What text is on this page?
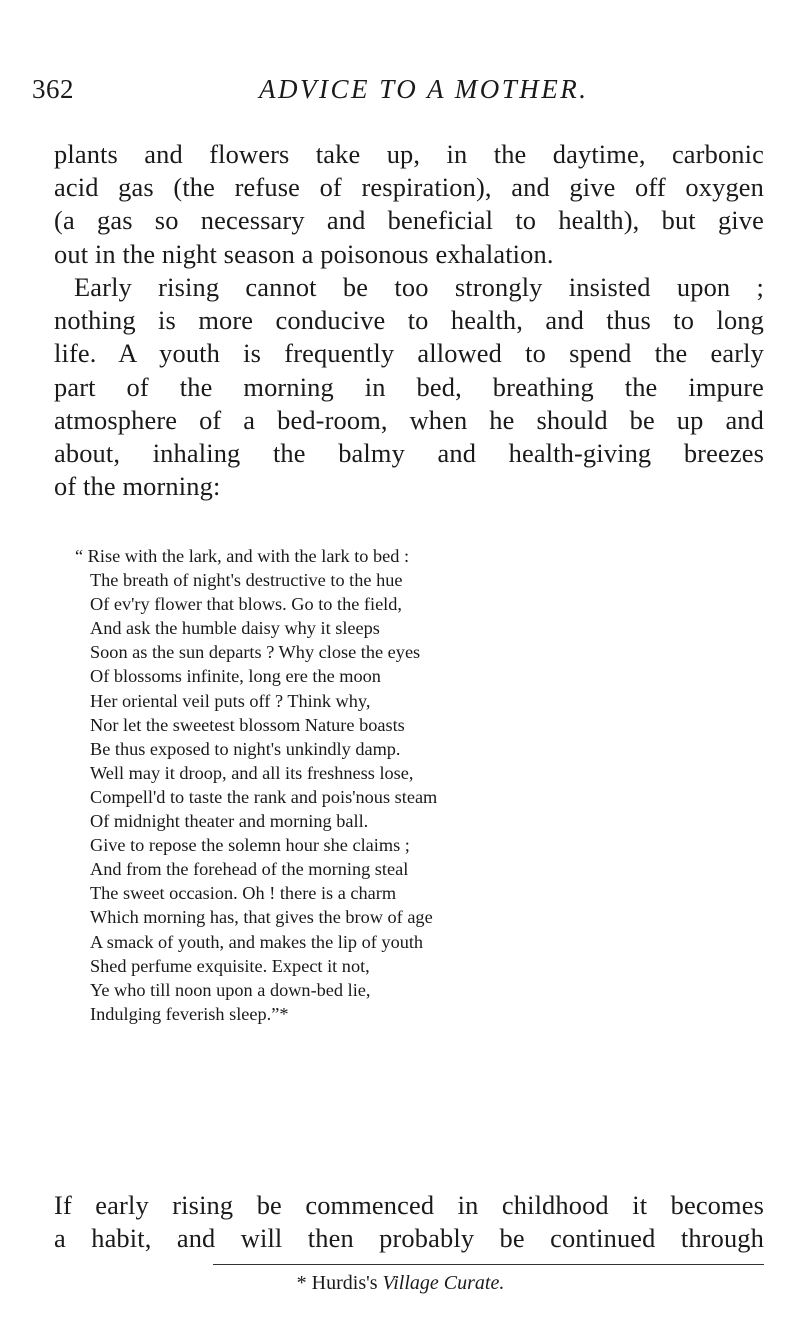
362	ADVICE TO A MOTHER.
plants and flowers take up, in the daytime, carbonic
acid gas (the refuse of respiration), and give off oxygen
(a gas so necessary and beneficial to health), but give
out in the night season a poisonous exhalation.
Early rising cannot be too strongly insisted upon ;
nothing is more conducive to health, and thus to long
life. A youth is frequently allowed to spend the early
part of the morning in bed, breathing the impure
atmosphere of a bed-room, when he should be up and
about, inhaling the balmy and health-giving breezes
of the morning:
“ Rise with the lark, and with the lark to bed :
The breath of night's destructive to the hue
Of ev'ry flower that blows. Go to the field,
And ask the humble daisy why it sleeps
Soon as the sun departs ? Why close the eyes
Of blossoms infinite, long ere the moon
Her oriental veil puts off ? Think why,
Nor let the sweetest blossom Nature boasts
Be thus exposed to night's unkindly damp.
Well may it droop, and all its freshness lose,
Compell'd to taste the rank and pois'nous steam
Of midnight theater and morning ball.
Give to repose the solemn hour she claims ;
And from the forehead of the morning steal
The sweet occasion. Oh ! there is a charm
Which morning has, that gives the brow of age
A smack of youth, and makes the lip of youth
Shed perfume exquisite. Expect it not,
Ye who till noon upon a down-bed lie,
Indulging feverish sleep.”*
If early rising be commenced in childhood it becomes
a habit, and will then probably be continued through
* Hurdis's Village Curate.
